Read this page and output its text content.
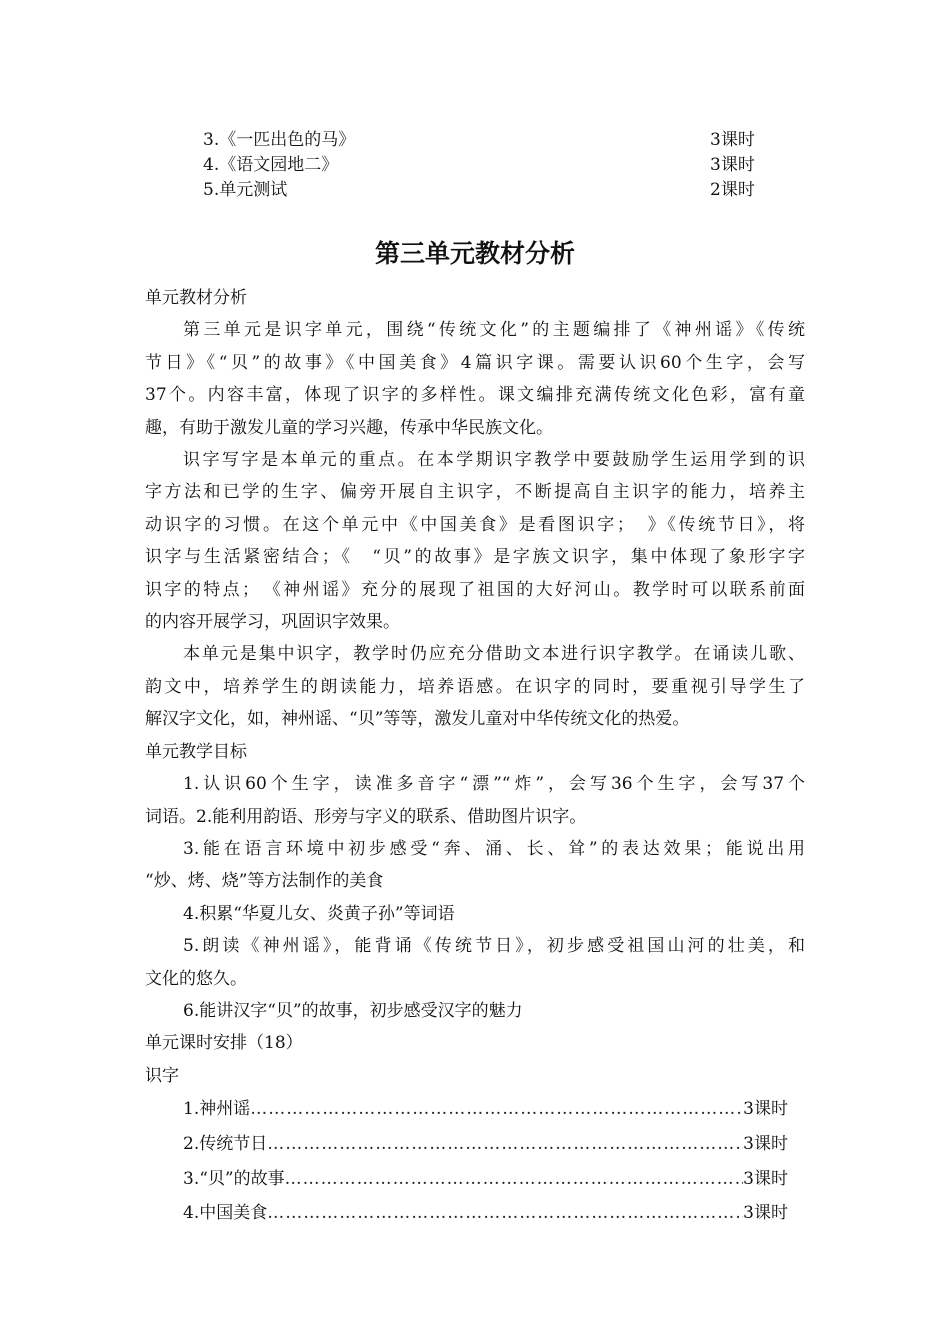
3.《一匹出色的马》	3课时
4.《语文园地二》	3课时
5.单元测试	2课时
第三单元教材分析

单元教材分析

第三单元是识字单元，围绕“传统文化”的主题编排了《神州谣》《传统

节日》《“贝”的故事》《中国美食》4篇识字课。需要认识60个生字，会写

37个。内容丰富，体现了识字的多样性。课文编排充满传统文化色彩，富有童

趣，有助于激发儿童的学习兴趣，传承中华民族文化。

识字写字是本单元的重点。在本学期识字教学中要鼓励学生运用学到的识

字方法和已学的生字、偏旁开展自主识字，不断提高自主识字的能力，培养主

动识字的习惯。在这个单元中《中国美食》是看图识字；　》《传统节日》，将

识字与生活紧密结合；《　“贝”的故事》是字族文识字，集中体现了象形字字

识字的特点；　《神州谣》充分的展现了祖国的大好河山。教学时可以联系前面

的内容开展学习，巩固识字效果。

本单元是集中识字，教学时仍应充分借助文本进行识字教学。在诵读儿歌、

韵文中，培养学生的朗读能力，培养语感。在识字的同时，要重视引导学生了

解汉字文化，如，神州谣、“贝”等等，激发儿童对中华传统文化的热爱。

单元教学目标

1.认识60个生字，读准多音字“漂”“炸”，会写36个生字，会写37个

词语。2.能利用韵语、形旁与字义的联系、借助图片识字。

3.能在语言环境中初步感受“奔、涌、长、耸”的表达效果；能说出用

“炒、烤、烧”等方法制作的美食

4.积累“华夏儿女、炎黄子孙”等词语

5.朗读《神州谣》，能背诵《传统节日》，初步感受祖国山河的壮美，和

文化的悠久。

6.能讲汉字“贝”的故事，初步感受汉字的魅力

单元课时安排（18）

识字

1.神州谣 ………………………………………………………………………………………………	3课时
2.传统节日 ………………………………………………………………………………………………	3课时
3.“贝”的故事 ………………………………………………………………………………………………	3课时
4.中国美食 ………………………………………………………………………………………………	3课时
